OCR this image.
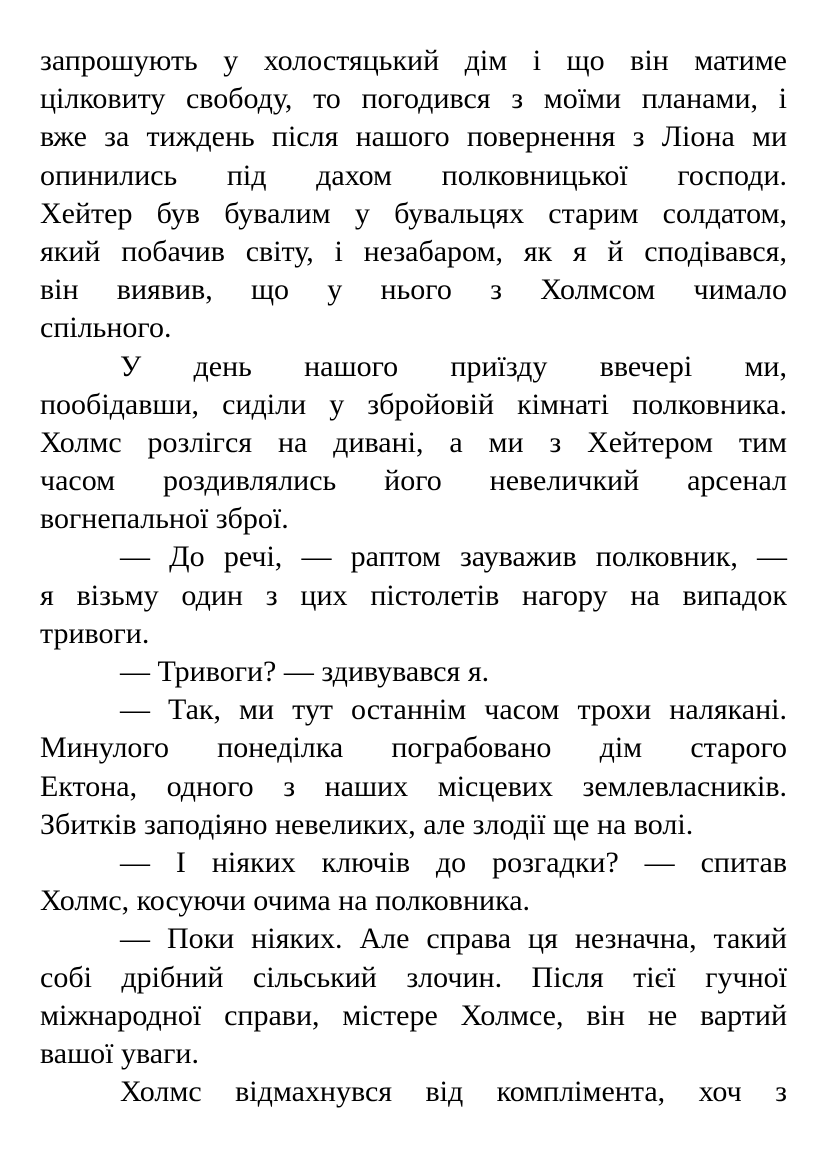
запрошують у холостяцький дім і що він матиме
цілковиту свободу, то погодився з моїми планами, і
вже за тиждень після нашого повернення з Ліона ми
опинились під дахом полковницької господи.
Хейтер був бувалим у бувальцях старим солдатом,
який побачив світу, і незабаром, як я й сподівався,
він виявив, що у нього з Холмсом чимало
спільного.
У день нашого приїзду ввечері ми,
пообідавши, сиділи у збройовій кімнаті полковника.
Холмс розлігся на дивані, а ми з Хейтером тим
часом роздивлялись його невеличкий арсенал
вогнепальної зброї.
— До речі, — раптом зауважив полковник, —
я візьму один з цих пістолетів нагору на випадок
тривоги.
— Тривоги? — здивувався я.
— Так, ми тут останнім часом трохи налякані.
Минулого понеділка пограбовано дім старого
Ектона, одного з наших місцевих землевласників.
Збитків заподіяно невеликих, але злодії ще на волі.
— І ніяких ключів до розгадки? — спитав
Холмс, косуючи очима на полковника.
— Поки ніяких. Але справа ця незначна, такий
собі дрібний сільський злочин. Після тієї гучної
міжнародної справи, містере Холмсе, він не вартий
вашої уваги.
Холмс відмахнувся від комплімента, хоч з
